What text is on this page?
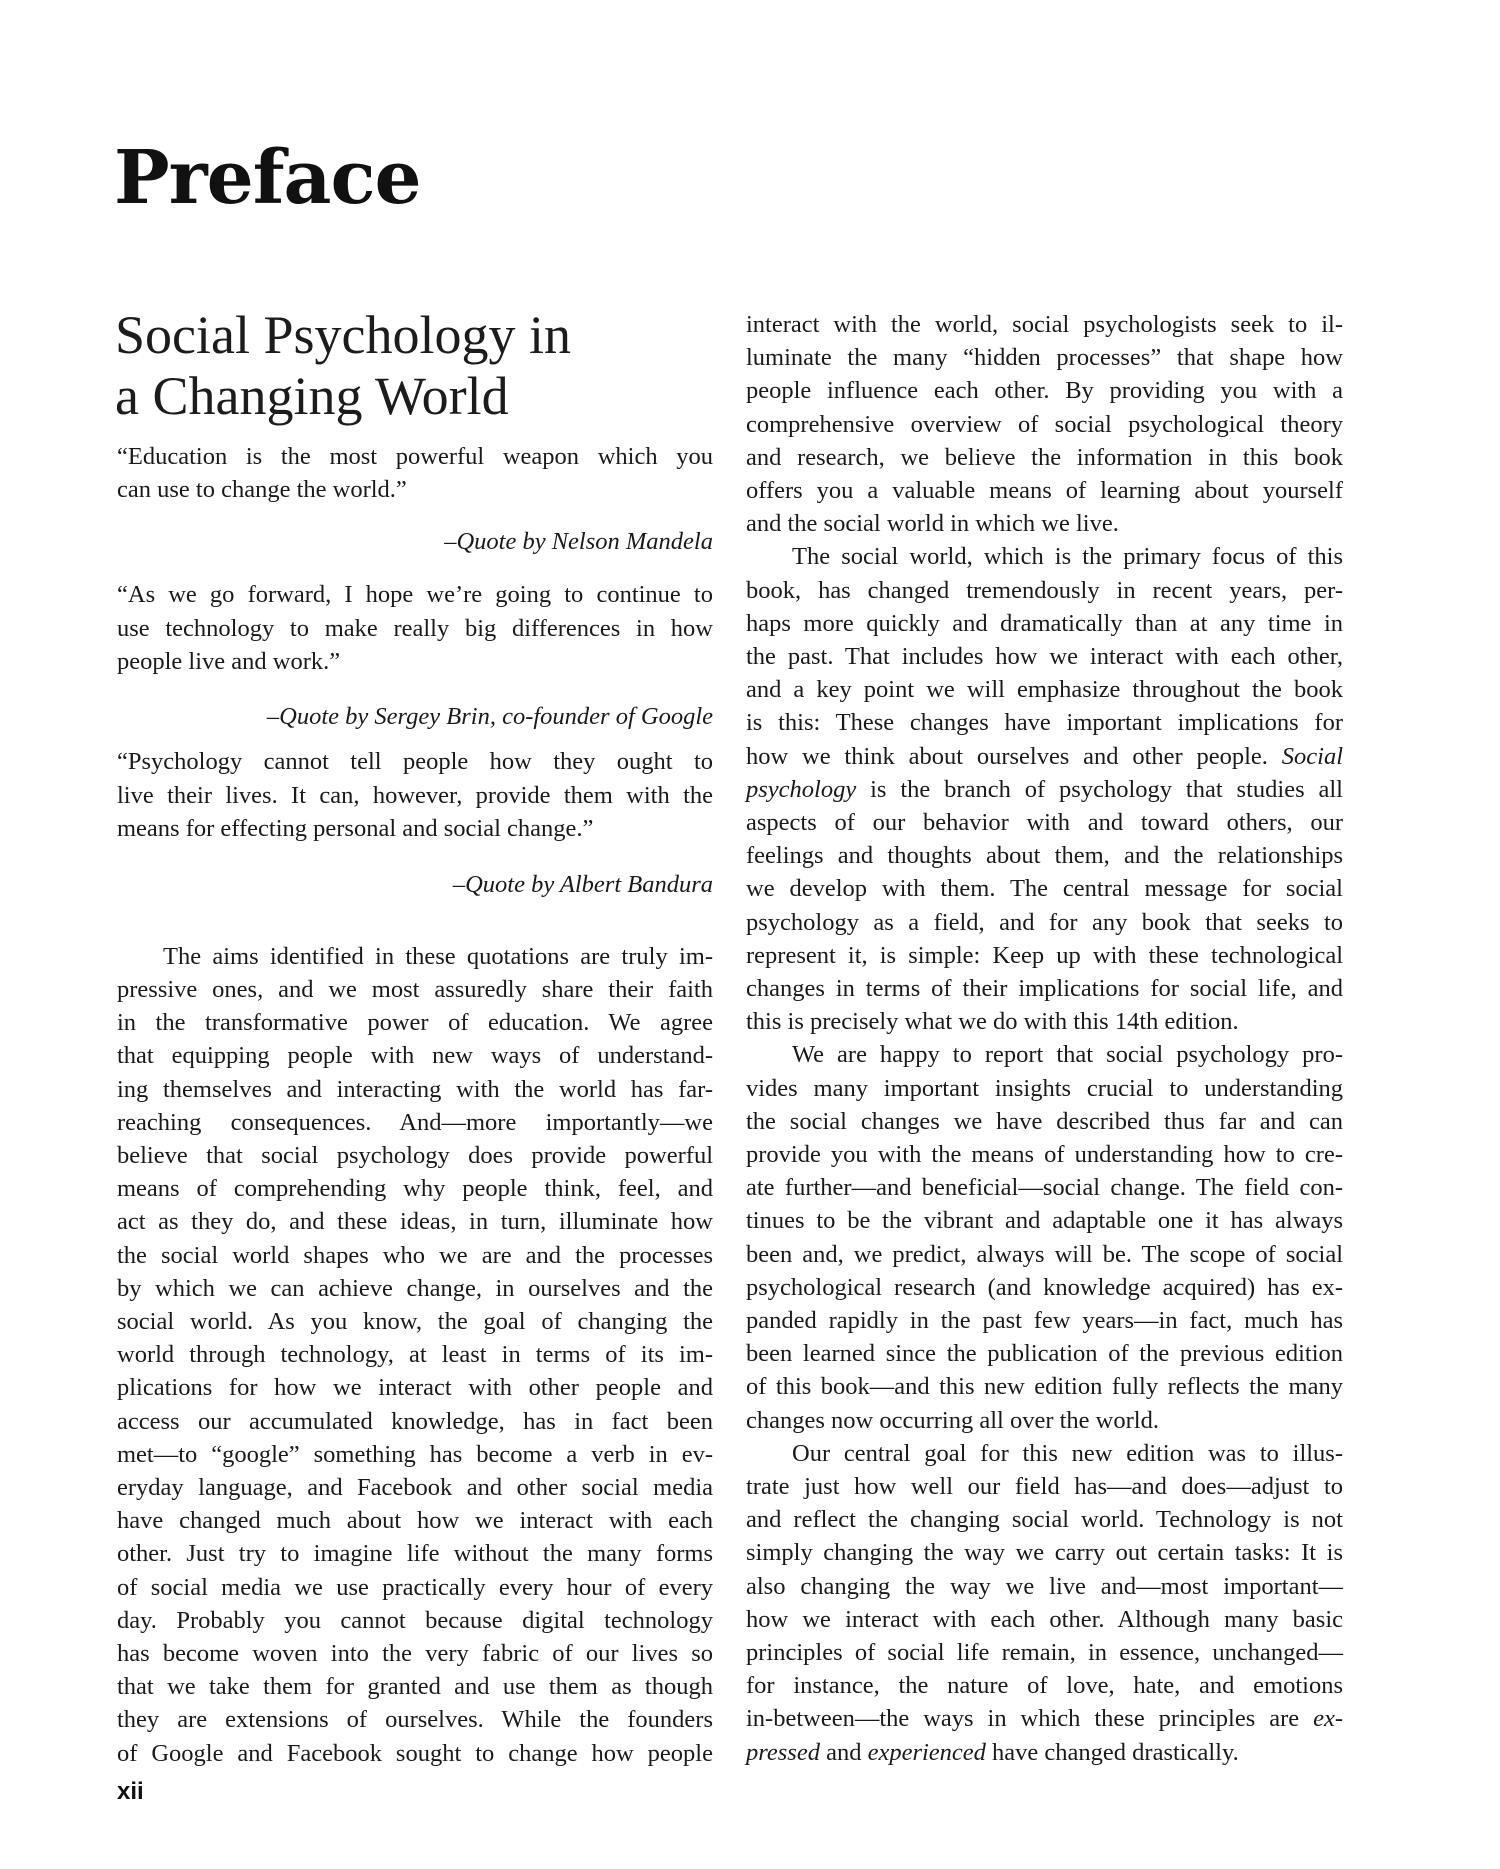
Preface
Social Psychology in
a Changing World
“Education is the most powerful weapon which you
can use to change the world.”
–Quote by Nelson Mandela
“As we go forward, I hope we’re going to continue to
use technology to make really big differences in how
people live and work.”
–Quote by Sergey Brin, co-founder of Google
“Psychology cannot tell people how they ought to
live their lives. It can, however, provide them with the
means for effecting personal and social change.”
–Quote by Albert Bandura
The aims identified in these quotations are truly im-
pressive ones, and we most assuredly share their faith
in the transformative power of education. We agree
that equipping people with new ways of understand-
ing themselves and interacting with the world has far-
reaching consequences. And—more importantly—we
believe that social psychology does provide powerful
means of comprehending why people think, feel, and
act as they do, and these ideas, in turn, illuminate how
the social world shapes who we are and the processes
by which we can achieve change, in ourselves and the
social world. As you know, the goal of changing the
world through technology, at least in terms of its im-
plications for how we interact with other people and
access our accumulated knowledge, has in fact been
met—to “google” something has become a verb in ev-
eryday language, and Facebook and other social media
have changed much about how we interact with each
other. Just try to imagine life without the many forms
of social media we use practically every hour of every
day. Probably you cannot because digital technology
has become woven into the very fabric of our lives so
that we take them for granted and use them as though
they are extensions of ourselves. While the founders
of Google and Facebook sought to change how people
interact with the world, social psychologists seek to il-
luminate the many “hidden processes” that shape how
people influence each other. By providing you with a
comprehensive overview of social psychological theory
and research, we believe the information in this book
offers you a valuable means of learning about yourself
and the social world in which we live.
The social world, which is the primary focus of this
book, has changed tremendously in recent years, per-
haps more quickly and dramatically than at any time in
the past. That includes how we interact with each other,
and a key point we will emphasize throughout the book
is this: These changes have important implications for
how we think about ourselves and other people. Social
psychology is the branch of psychology that studies all
aspects of our behavior with and toward others, our
feelings and thoughts about them, and the relationships
we develop with them. The central message for social
psychology as a field, and for any book that seeks to
represent it, is simple: Keep up with these technological
changes in terms of their implications for social life, and
this is precisely what we do with this 14th edition.
We are happy to report that social psychology pro-
vides many important insights crucial to understanding
the social changes we have described thus far and can
provide you with the means of understanding how to cre-
ate further—and beneficial—social change. The field con-
tinues to be the vibrant and adaptable one it has always
been and, we predict, always will be. The scope of social
psychological research (and knowledge acquired) has ex-
panded rapidly in the past few years—in fact, much has
been learned since the publication of the previous edition
of this book—and this new edition fully reflects the many
changes now occurring all over the world.
Our central goal for this new edition was to illus-
trate just how well our field has—and does—adjust to
and reflect the changing social world. Technology is not
simply changing the way we carry out certain tasks: It is
also changing the way we live and—most important—
how we interact with each other. Although many basic
principles of social life remain, in essence, unchanged—
for instance, the nature of love, hate, and emotions
in-between—the ways in which these principles are ex-
pressed and experienced have changed drastically.
xii
